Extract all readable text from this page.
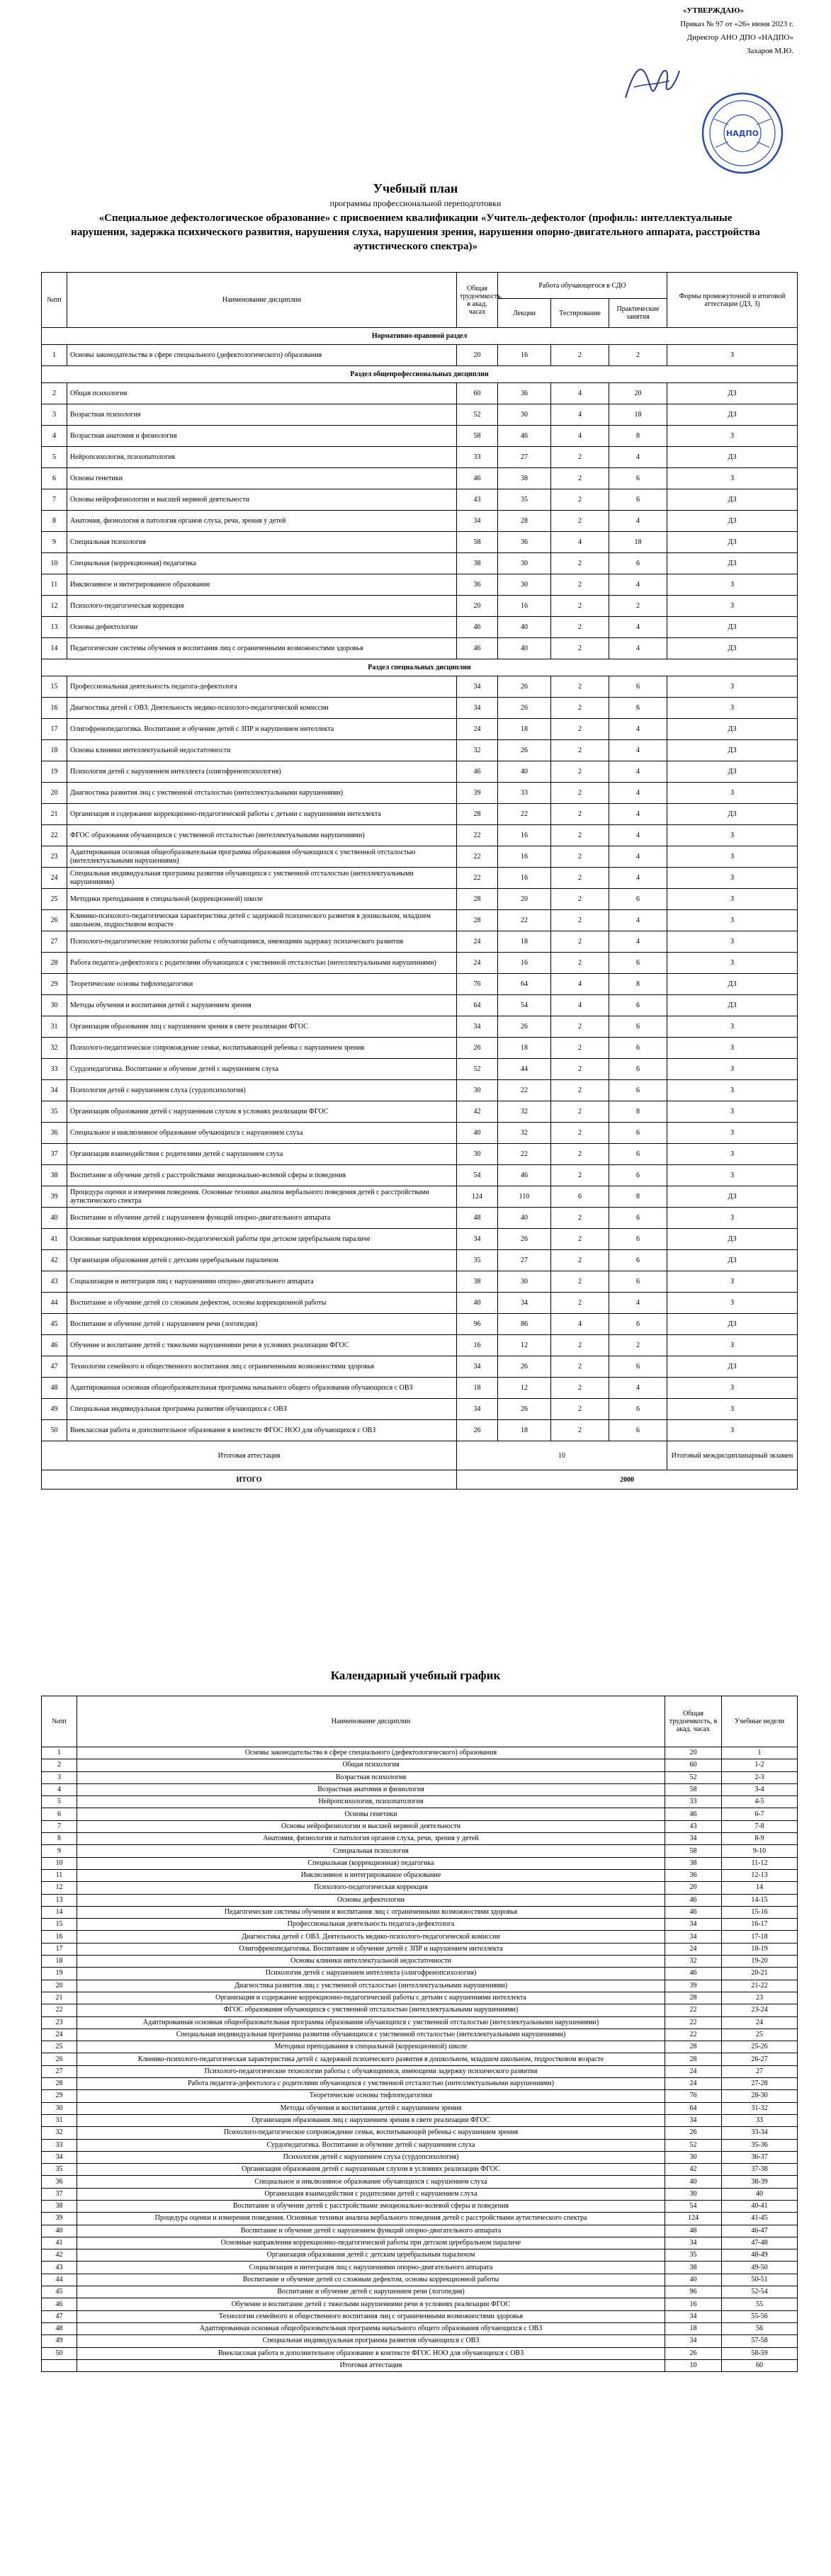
«УТВЕРЖДАЮ»
Приказ № 97 от «26» июня 2023 г.
Директор АНО ДПО «НАДПО»
Захаров М.Ю.
НАДПО
Учебный план
программы профессиональной переподготовки
«Специальное дефектологическое образование» с присвоением квалификации «Учитель-дефектолог (профиль: интеллектуальные нарушения, задержка психического развития, нарушения слуха, нарушения зрения, нарушения опорно-двигательного аппарата, расстройства аутистического спектра)»
№пп	Наименование дисциплин	Общая трудоемкость, в акад. часах	Работа обучающегося в СДО			Формы промежуточной и итоговой аттестации (ДЗ, З)
			Лекции	Тестирование	Практические занятия	
Нормативно-правовой раздел						
1	Основы законодательства в сфере специального (дефектологического) образования	20	16	2	2	З
Раздел общепрофессиональных дисциплин						
2	Общая психология	60	36	4	20	ДЗ
3	Возрастная психология	52	30	4	18	ДЗ
4	Возрастная анатомия и физиология	58	46	4	8	З
5	Нейропсихология, психопатология	33	27	2	4	ДЗ
6	Основы генетики	46	38	2	6	З
7	Основы нейрофизиологии и высшей нервной деятельности	43	35	2	6	ДЗ
8	Анатомия, физиология и патология органов слуха, речи, зрения у детей	34	28	2	4	ДЗ
9	Специальная психология	58	36	4	18	ДЗ
10	Специальная (коррекционная) педагогика	38	30	2	6	ДЗ
11	Инклюзивное и интегрированное образование	36	30	2	4	З
12	Психолого-педагогическая коррекция	20	16	2	2	З
13	Основы дефектологии	46	40	2	4	ДЗ
14	Педагогические системы обучения и воспитания лиц с ограниченными возможностями здоровья	46	40	2	4	ДЗ
Раздел специальных дисциплин						
15	Профессиональная деятельность педагога-дефектолога	34	26	2	6	З
16	Диагностика детей с ОВЗ. Деятельность медико-психолого-педагогической комиссии	34	26	2	6	З
17	Олигофренопедагогика. Воспитание и обучение детей с ЗПР и нарушением интеллекта	24	18	2	4	ДЗ
18	Основы клиники интеллектуальной недостаточности	32	26	2	4	ДЗ
19	Психология детей с нарушением интеллекта (олигофренопсихология)	46	40	2	4	ДЗ
20	Диагностика развития лиц с умственной отсталостью (интеллектуальными нарушениями)	39	33	2	4	З
21	Организация и содержание коррекционно-педагогической работы с детьми с нарушениями интеллекта	28	22	2	4	ДЗ
22	ФГОС образования обучающихся с умственной отсталостью (интеллектуальными нарушениями)	22	16	2	4	З
23	Адаптированная основная общеобразовательная программа образования обучающихся с умственной отсталостью (интеллектуальными нарушениями)	22	16	2	4	З
24	Специальная индивидуальная программа развития обучающихся с умственной отсталостью (интеллектуальными нарушениями)	22	16	2	4	З
25	Методики преподавания в специальной (коррекционной) школе	28	20	2	6	З
26	Клинико-психолого-педагогическая характеристика детей с задержкой психического развития в дошкольном, младшем школьном, подростковом возрасте	28	22	2	4	З
27	Психолого-педагогические технологии работы с обучающимися, имеющими задержку психического развития	24	18	2	4	З
28	Работа педагога-дефектолога с родителями обучающихся с умственной отсталостью (интеллектуальными нарушениями)	24	16	2	6	З
29	Теоретические основы тифлопедагогики	76	64	4	8	ДЗ
30	Методы обучения и воспитания детей с нарушением зрения	64	54	4	6	ДЗ
31	Организация образования лиц с нарушением зрения в свете реализации ФГОС	34	26	2	6	З
32	Психолого-педагогическое сопровождение семьи, воспитывающей ребенка с нарушением зрения	26	18	2	6	З
33	Сурдопедагогика. Воспитание и обучение детей с нарушением слуха	52	44	2	6	З
34	Психология детей с нарушением слуха (сурдопсихология)	30	22	2	6	З
35	Организация образования детей с нарушенным слухом в условиях реализации ФГОС	42	32	2	8	З
36	Специальное и инклюзивное образование обучающихся с нарушением слуха	40	32	2	6	З
37	Организация взаимодействия с родителями детей с нарушением слуха	30	22	2	6	З
38	Воспитание и обучение детей с расстройствами эмоционально-волевой сферы и поведения	54	46	2	6	З
39	Процедура оценки и измерения поведения. Основные техники анализа вербального поведения детей с расстройствами аутистического спектра	124	110	6	8	ДЗ
40	Воспитание и обучение детей с нарушением функций опорно-двигательного аппарата	48	40	2	6	З
41	Основные направления коррекционно-педагогической работы при детском церебральном параличе	34	26	2	6	ДЗ
42	Организация образования детей с детским церебральным параличом	35	27	2	6	ДЗ
43	Социализация и интеграция лиц с нарушениями опорно-двигательного аппарата	38	30	2	6	З
44	Воспитание и обучение детей со сложным дефектом, основы коррекционной работы	40	34	2	4	З
45	Воспитание и обучение детей с нарушением речи (логопедия)	96	86	4	6	ДЗ
46	Обучение и воспитание детей с тяжелыми нарушениями речи в условиях реализации ФГОС	16	12	2	2	З
47	Технологии семейного и общественного воспитания лиц с ограниченными возможностями здоровья	34	26	2	6	ДЗ
48	Адаптированная основная общеобразовательная программа начального общего образования обучающихся с ОВЗ	18	12	2	4	З
49	Специальная индивидуальная программа развития обучающихся с ОВЗ	34	26	2	6	З
50	Внеклассная работа и дополнительное образование в контексте ФГОС НОО для обучающихся с ОВЗ	26	18	2	6	З
Итоговая аттестация		10				Итоговый междисциплинарный экзамен
ИТОГО		2000				
Календарный учебный график
№пп	Наименование дисциплин	Общая трудоемкость, в акад. часах	Учебные недели
1	Основы законодательства в сфере специального (дефектологического) образования	20	1
2	Общая психология	60	1-2
3	Возрастная психология	52	2-3
4	Возрастная анатомия и физиология	58	3-4
5	Нейропсихология, психопатология	33	4-5
6	Основы генетики	46	6-7
7	Основы нейрофизиологии и высшей нервной деятельности	43	7-8
8	Анатомия, физиология и патология органов слуха, речи, зрения у детей	34	8-9
9	Специальная психология	58	9-10
10	Специальная (коррекционная) педагогика	38	11-12
11	Инклюзивное и интегрированное образование	36	12-13
12	Психолого-педагогическая коррекция	20	14
13	Основы дефектологии	46	14-15
14	Педагогические системы обучения и воспитания лиц с ограниченными возможностями здоровья	46	15-16
15	Профессиональная деятельность педагога-дефектолога	34	16-17
16	Диагностика детей с ОВЗ. Деятельность медико-психолого-педагогической комиссии	34	17-18
17	Олигофренопедагогика. Воспитание и обучение детей с ЗПР и нарушением интеллекта	24	18-19
18	Основы клиники интеллектуальной недостаточности	32	19-20
19	Психология детей с нарушением интеллекта (олигофренопсихология)	46	20-21
20	Диагностика развития лиц с умственной отсталостью (интеллектуальными нарушениями)	39	21-22
21	Организация и содержание коррекционно-педагогической работы с детьми с нарушениями интеллекта	28	23
22	ФГОС образования обучающихся с умственной отсталостью (интеллектуальными нарушениями)	22	23-24
23	Адаптированная основная общеобразовательная программа образования обучающихся с умственной отсталостью (интеллектуальными нарушениями)	22	24
24	Специальная индивидуальная программа развития обучающихся с умственной отсталостью (интеллектуальными нарушениями)	22	25
25	Методики преподавания в специальной (коррекционной) школе	28	25-26
26	Клинико-психолого-педагогическая характеристика детей с задержкой психического развития в дошкольном, младшем школьном, подростковом возрасте	28	26-27
27	Психолого-педагогические технологии работы с обучающимися, имеющими задержку психического развития	24	27
28	Работа педагога-дефектолога с родителями обучающихся с умственной отсталостью (интеллектуальными нарушениями)	24	27-28
29	Теоретические основы тифлопедагогики	76	28-30
30	Методы обучения и воспитания детей с нарушением зрения	64	31-32
31	Организация образования лиц с нарушением зрения в свете реализации ФГОС	34	33
32	Психолого-педагогическое сопровождение семьи, воспитывающей ребенка с нарушением зрения	26	33-34
33	Сурдопедагогика. Воспитание и обучение детей с нарушением слуха	52	35-36
34	Психология детей с нарушением слуха (сурдопсихология)	30	36-37
35	Организация образования детей с нарушенным слухом в условиях реализации ФГОС	42	37-38
36	Специальное и инклюзивное образование обучающихся с нарушением слуха	40	38-39
37	Организация взаимодействия с родителями детей с нарушением слуха	30	40
38	Воспитание и обучение детей с расстройствами эмоционально-волевой сферы и поведения	54	40-41
39	Процедура оценки и измерения поведения. Основные техники анализа вербального поведения детей с расстройствами аутистического спектра	124	41-45
40	Воспитание и обучение детей с нарушением функций опорно-двигательного аппарата	48	46-47
41	Основные направления коррекционно-педагогической работы при детском церебральном параличе	34	47-48
42	Организация образования детей с детским церебральным параличом	35	48-49
43	Социализация и интеграция лиц с нарушениями опорно-двигательного аппарата	38	49-50
44	Воспитание и обучение детей со сложным дефектом, основы коррекционной работы	40	50-51
45	Воспитание и обучение детей с нарушением речи (логопедия)	96	52-54
46	Обучение и воспитание детей с тяжелыми нарушениями речи в условиях реализации ФГОС	16	55
47	Технологии семейного и общественного воспитания лиц с ограниченными возможностями здоровья	34	55-56
48	Адаптированная основная общеобразовательная программа начального общего образования обучающихся с ОВЗ	18	56
49	Специальная индивидуальная программа развития обучающихся с ОВЗ	34	57-58
50	Внеклассная работа и дополнительное образование в контексте ФГОС НОО для обучающихся с ОВЗ	26	58-59
	Итоговая аттестация	10	60
